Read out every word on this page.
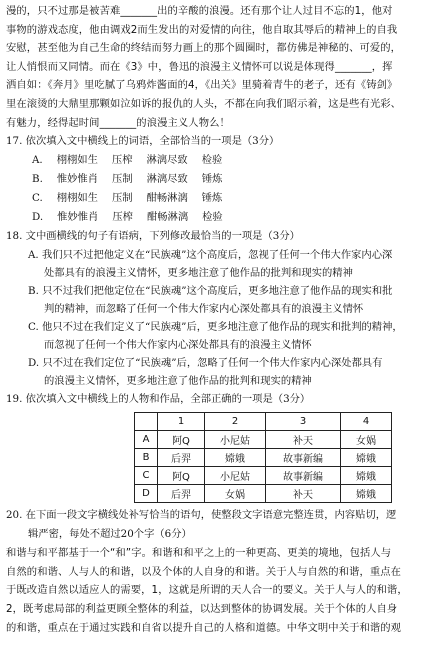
漫的，只不过那是被苦难_______出的辛酸的浪漫。还有那个让人过目不忘的1，他对

事物的游戏态度，他由调戏2而生发出的对爱情的向往，他自取其辱后的精神上的自我

安慰，甚至他为自己生命的终结而努力画上的那个圆圈时，都仿佛是神秘的、可爱的，

让人悄恨而又同情。而在《3》中，鲁迅的浪漫主义情怀可以说是体现得_______，挥

洒自如：《奔月》里吃腻了乌鸦炸酱面的4，《出关》里骑着青牛的老子，还有《铸剑》

里在滚烫的大鼎里那颗如泣如诉的报仇的人头，不都在向我们昭示着，这是些有光彩、

有魅力，经得起时间_______的浪漫主义人物么！

17. 依次填入文中横线上的词语，全部恰当的一项是（3分）

A. 栩栩如生 压榨 淋漓尽致 检验

B. 惟妙惟肖 压制 淋漓尽致 锤炼

C. 栩栩如生 压制 酣畅淋漓 锤炼

D. 惟妙惟肖 压榨 酣畅淋漓 检验

18. 文中画横线的句子有语病，下列修改最恰当的一项是（3分）

A. 我们只不过把他定义在“民族魂”这个高度后，忽视了任何一个伟大作家内心深
处都具有的浪漫主义情怀，更多地注意了他作品的批判和现实的精神
B. 只不过我们把他定位在“民族魂”这个高度后，更多地注意了他作品的现实和批
判的精神，而忽略了任何一个伟大作家内心深处都具有的浪漫主义情怀
C. 他只不过在我们定义了“民族魂”后，更多地注意了他作品的现实和批判的精神，
而忽视了任何一个伟大作家内心深处都具有的浪漫主义情怀
D. 只不过在我们定位了“民族魂”后，忽略了任何一个伟大作家内心深处都具有
的浪漫主义情怀，更多地注意了他作品的批判和现实的精神

19. 依次填入文中横线上的人物和作品，全部正确的一项是（3分）

	1	2	3	4
A	阿Q	小尼姑	补天	女娲
B	后羿	嫦娥	故事新编	嫦娥
C	阿Q	小尼姑	故事新编	嫦娥
D	后羿	女娲	补天	嫦娥

20. 在下面一段文字横线处补写恰当的语句，使整段文字语意完整连贯，内容贴切，逻

辑严密，每处不超过20个字（6分）

和谐与和平都基于一个“和”字。和谐和和平之上的一种更高、更美的境地，包括人与

自然的和谐、人与人的和谐，以及个体的人自身的和谐。关于人与自然的和谐，重点在

于既改造自然以适应人的需要，1，这就是所谓的天人合一的要义。关于人与人的和谐，

2，既考虑局部的利益更顾全整体的利益，以达到整体的协调发展。关于个体的人自身

的和谐，重点在于通过实践和自省以提升自己的人格和道德。中华文明中关于和谐的观
